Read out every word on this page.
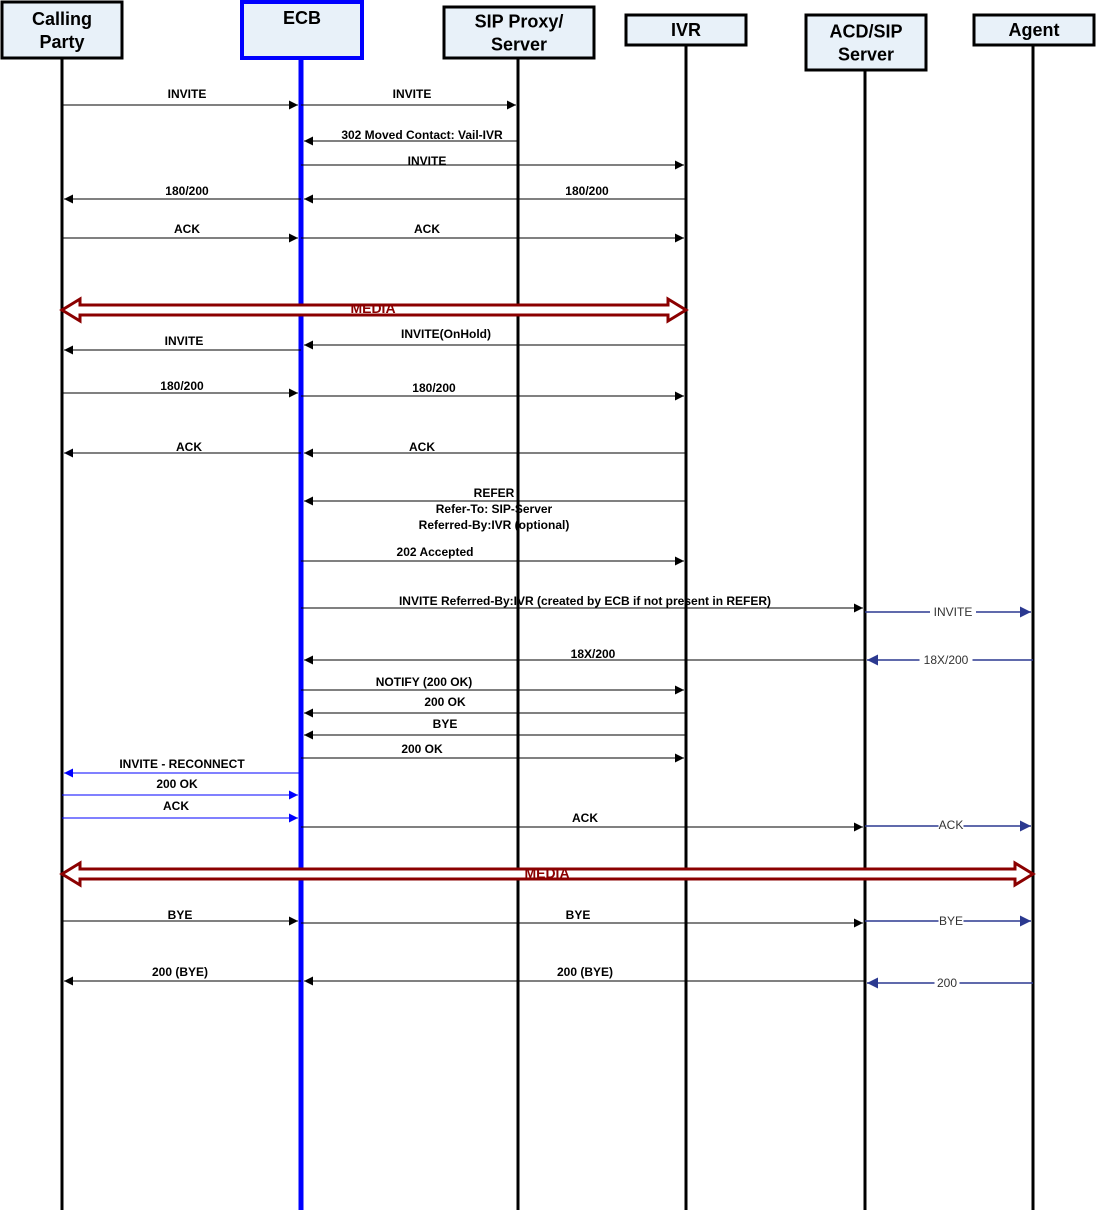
Calling
Party
ECB	SIP Proxy/
Server
IVR	ACD/SIP
Server
Agent
INVITE	INVITE
302 Moved Contact: Vail-IVR
INVITE
180/200	180/200
ACK	ACK
MEDIA
INVITE	INVITE(OnHold)
180/200	180/200
ACK	ACK
REFER
Refer-To: SIP-Server
Referred-By:IVR (optional)
202 Accepted
INVITE Referred-By:IVR (created by ECB if not present in REFER)
INVITE
18X/200	18X/200
NOTIFY (200 OK)
200 OK
BYE
200 OK
INVITE - RECONNECT
200 OK
ACK
ACK	ACK
MEDIA
BYE	BYE	BYE
200 (BYE)	200 (BYE)
200
